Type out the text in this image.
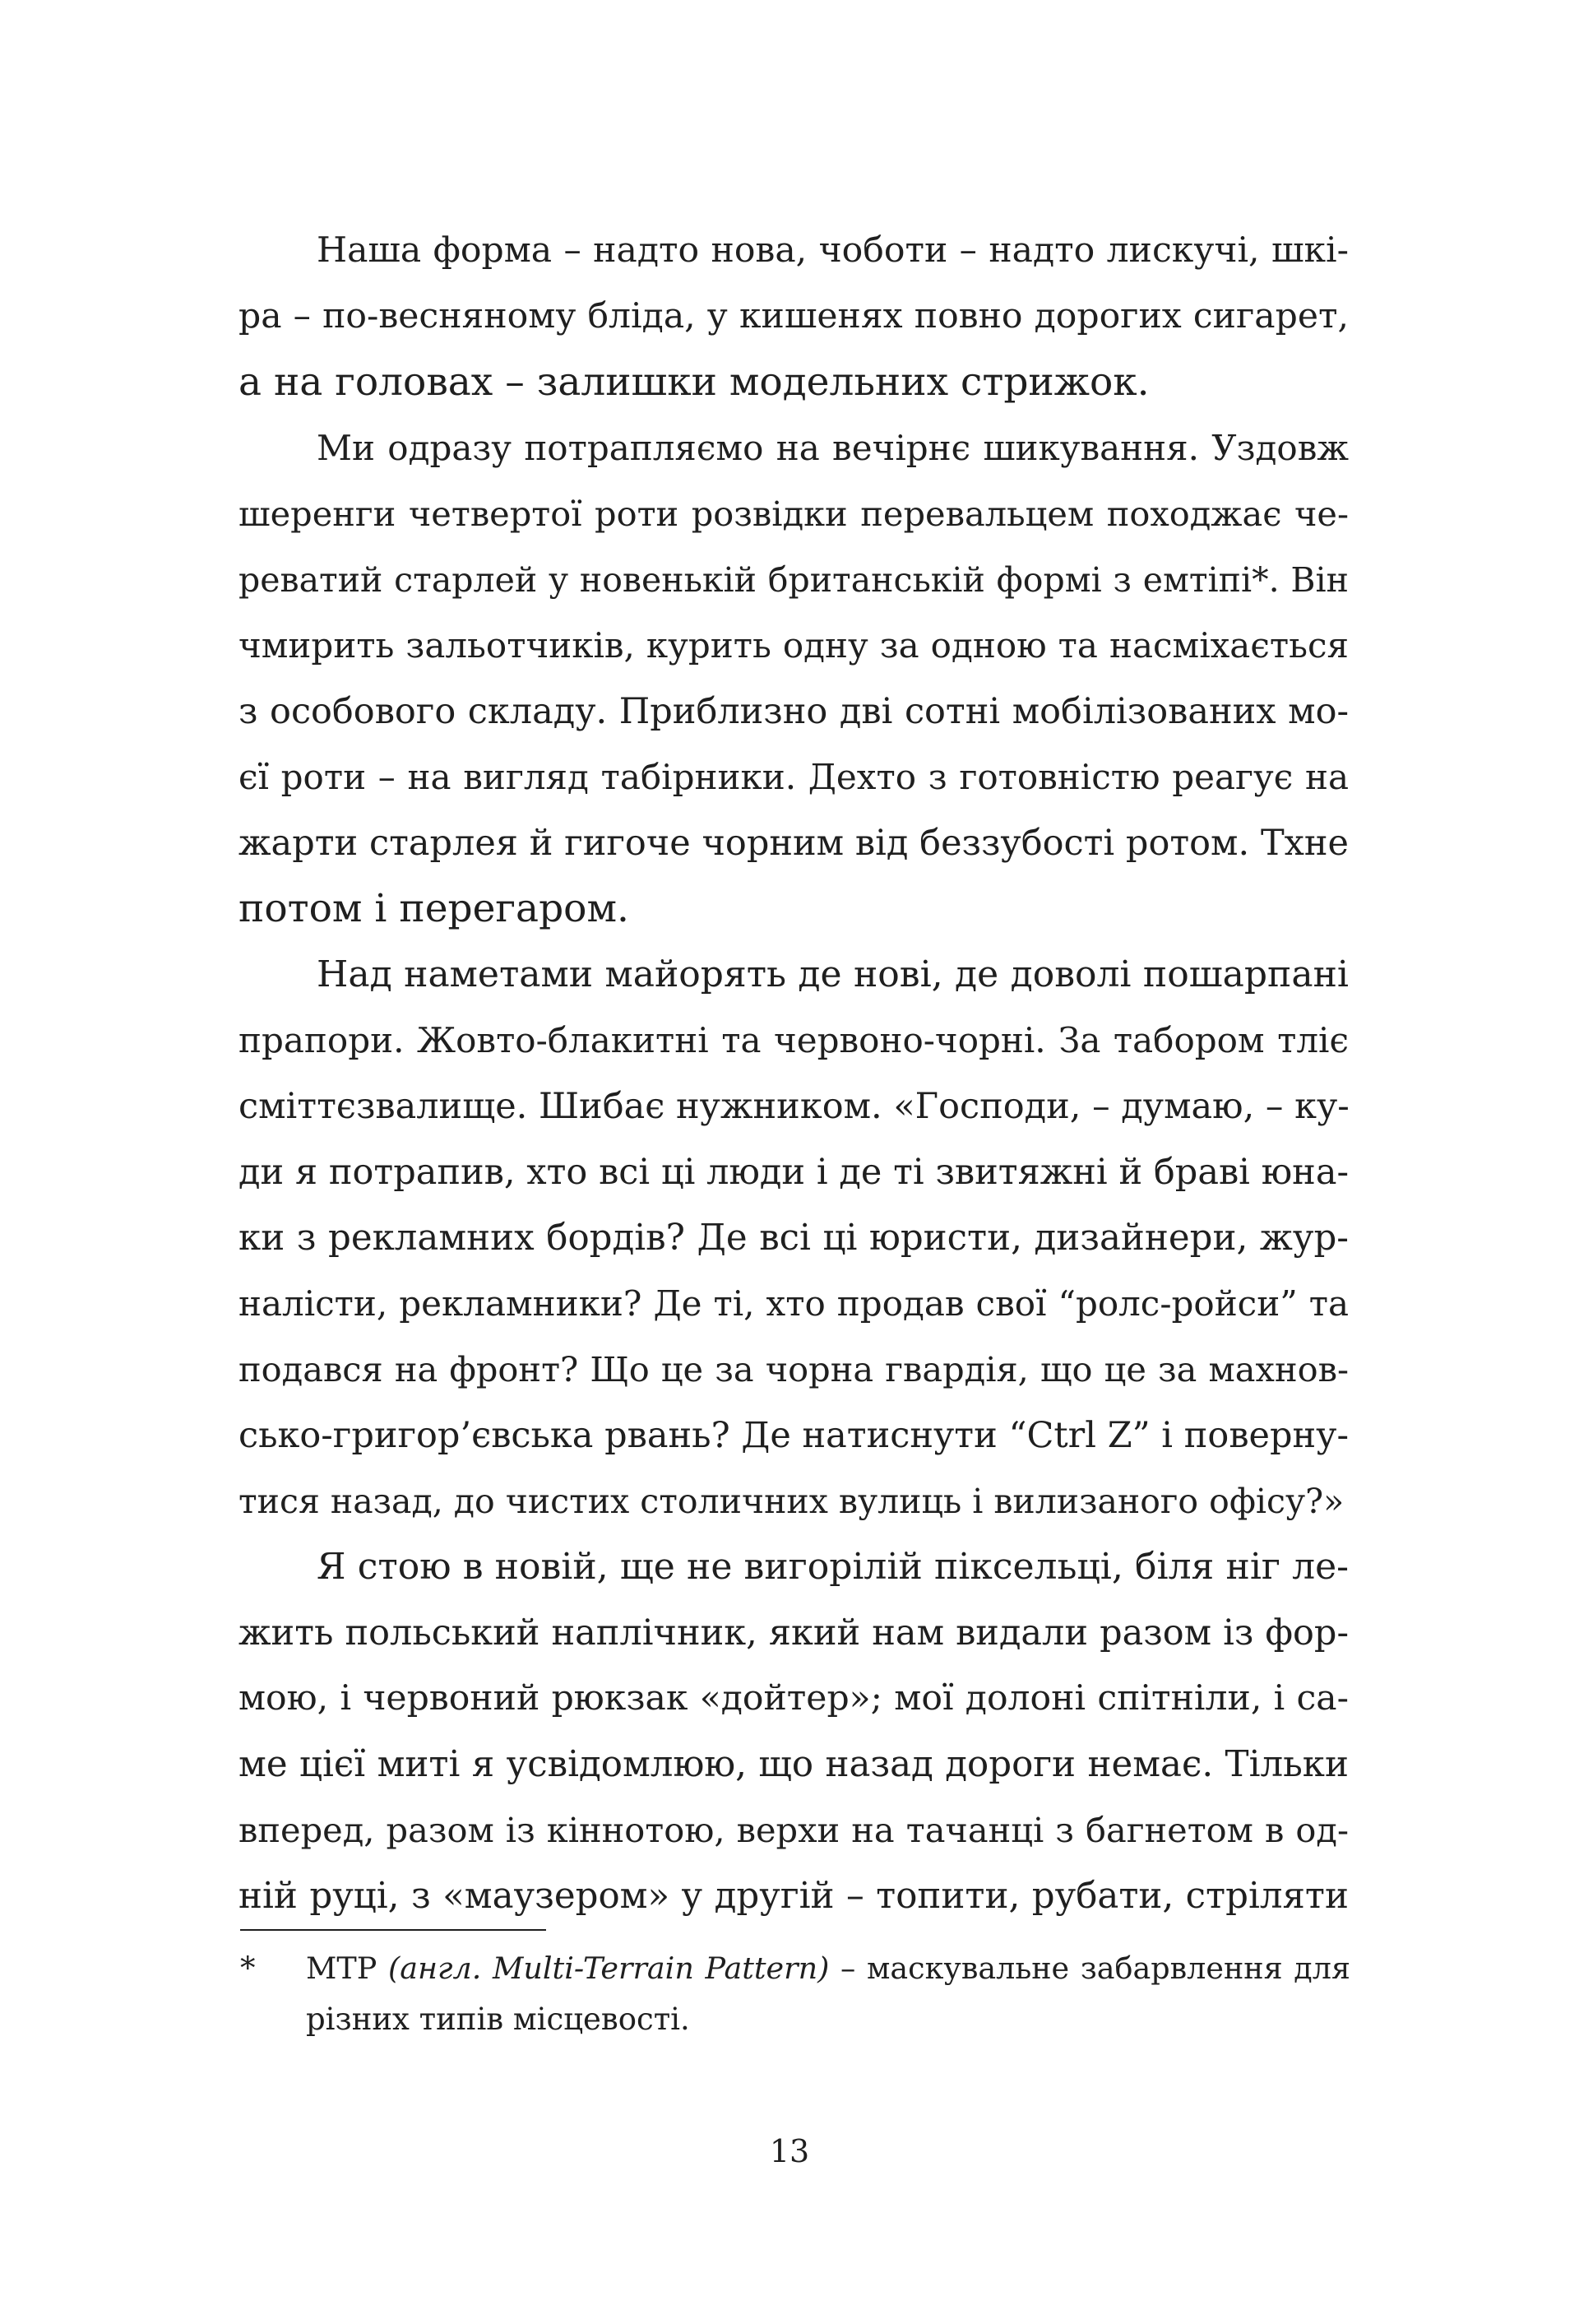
Наша форма – надто нова, чоботи – надто лискучі, шкі-
ра – по-весняному бліда, у кишенях повно дорогих сигарет,
а на головах – залишки модельних стрижок.
Ми одразу потрапляємо на вечірнє шикування. Уздовж
шеренги четвертої роти розвідки перевальцем походжає че-
реватий старлей у новенькій британській формі з емтіпі*. Він
чмирить зальотчиків, курить одну за одною та насміхається
з особового складу. Приблизно дві сотні мобілізованих мо-
єї роти – на вигляд табірники. Дехто з готовністю реагує на
жарти старлея й гигоче чорним від беззубості ротом. Тхне
потом і перегаром.
Над наметами майорять де нові, де доволі пошарпані
прапори. Жовто-блакитні та червоно-чорні. За табором тліє
сміттєзвалище. Шибає нужником. «Господи, – думаю, – ку-
ди я потрапив, хто всі ці люди і де ті звитяжні й браві юна-
ки з рекламних бордів? Де всі ці юристи, дизайнери, жур-
налісти, рекламники? Де ті, хто продав свої “ролс-ройси” та
подався на фронт? Що це за чорна гвардія, що це за махнов-
сько-григор’євська рвань? Де натиснути “Ctrl Z” і поверну-
тися назад, до чистих столичних вулиць і вилизаного офісу?»
Я стою в новій, ще не вигорілій піксельці, біля ніг ле-
жить польський наплічник, який нам видали разом із фор-
мою, і червоний рюкзак «дойтер»; мої долоні спітніли, і са-
ме цієї миті я усвідомлюю, що назад дороги немає. Тільки
вперед, разом із кіннотою, верхи на тачанці з багнетом в од-
ній руці, з «маузером» у другій – топити, рубати, стріляти
*	MTP (англ. Multi-Terrain Pattern) – маскувальне забарвлення для
різних типів місцевості.
13
